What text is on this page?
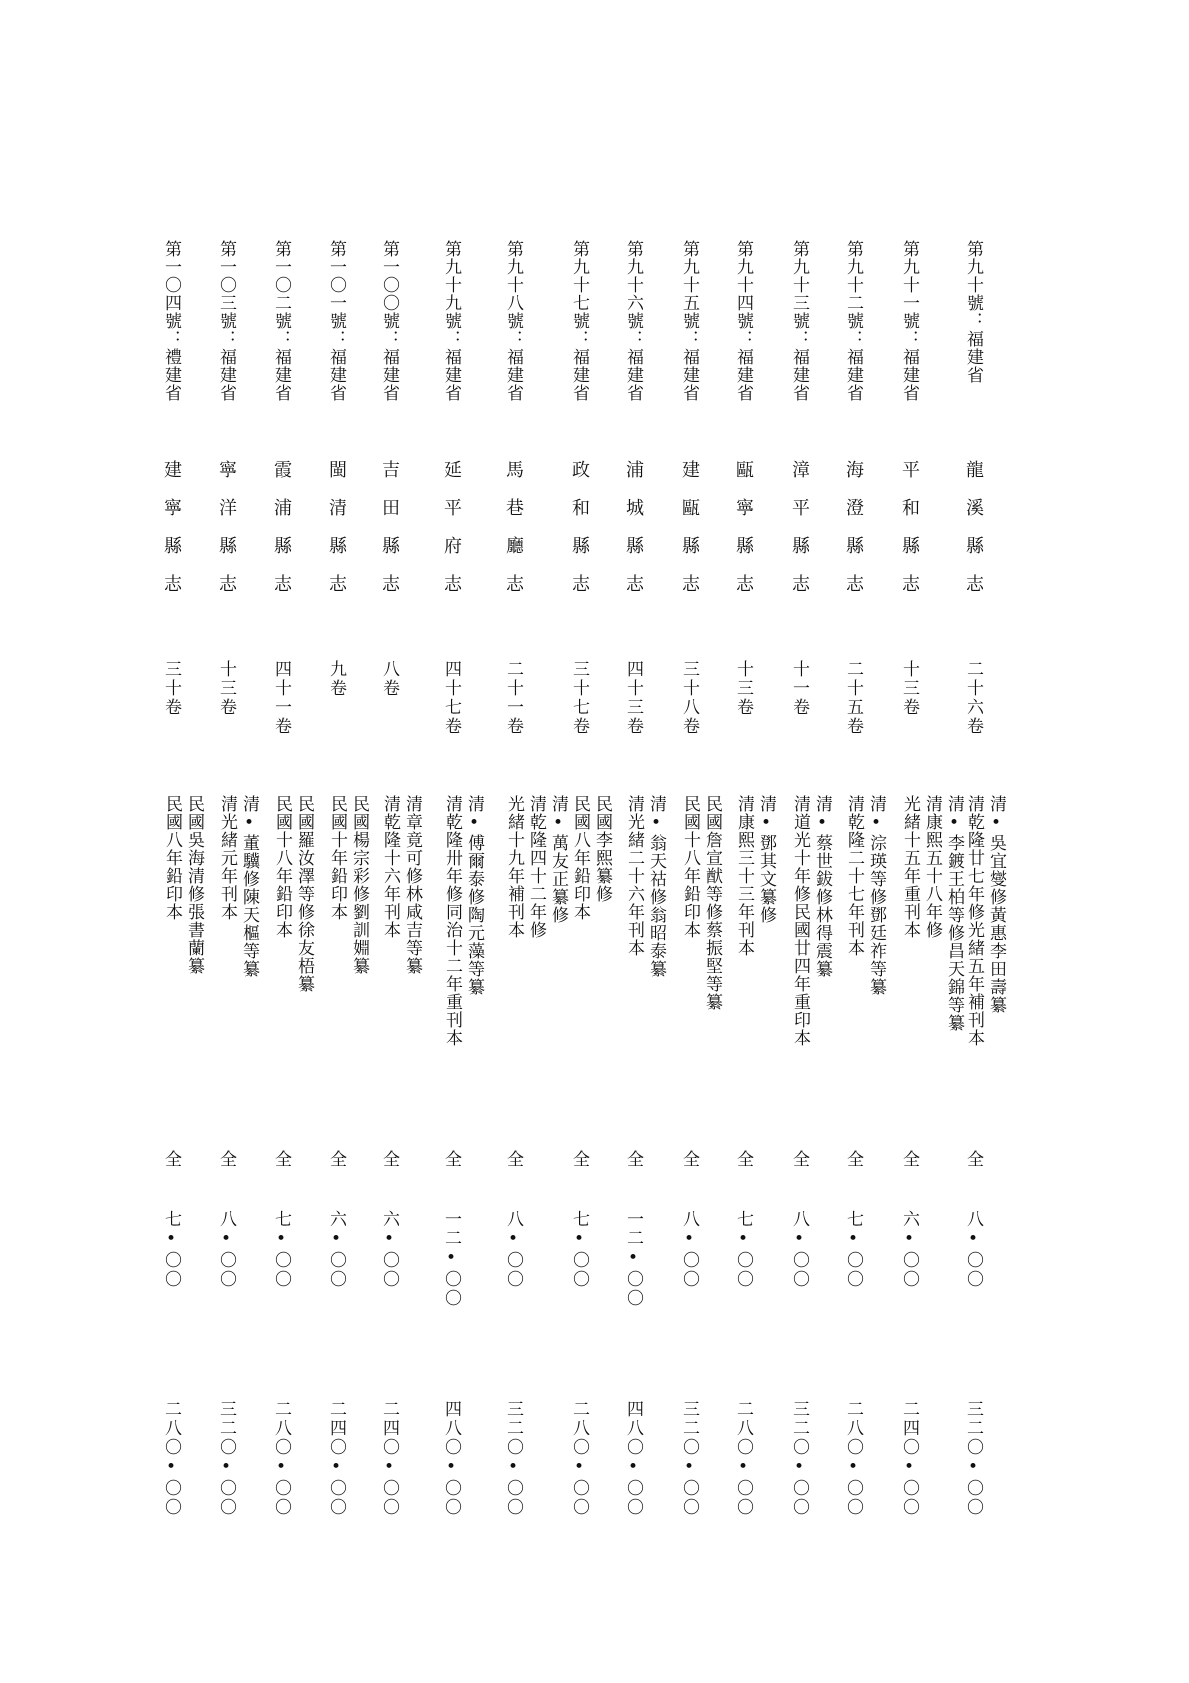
第九十號：福建省
龍溪縣志
二十六卷
清•吳宜燮修黃惠李田壽纂
清乾隆廿七年修光緒五年補刊本
全
八•〇〇
三二〇•〇〇
第九十一號：福建省
平和縣志
十三卷
清•李鍍王柏等修昌天錦等纂
清康熙五十八年修
光緒十五年重刊本
全
六•〇〇
二四〇•〇〇
第九十二號：福建省
海澄縣志
二十五卷
清•淙瑛等修鄧廷祚等纂
清乾隆二十七年刊本
全
七•〇〇
二八〇•〇〇
第九十三號：福建省
漳平縣志
十一卷
清•蔡世鈸修林得震纂
清道光十年修民國廿四年重印本
全
八•〇〇
三二〇•〇〇
第九十四號：福建省
甌寧縣志
十三卷
清•鄧其文纂修
清康熙三十三年刊本
全
七•〇〇
二八〇•〇〇
第九十五號：福建省
建甌縣志
三十八卷
民國詹宣猷等修蔡振堅等纂
民國十八年鉛印本
全
八•〇〇
三二〇•〇〇
第九十六號：福建省
浦城縣志
四十三卷
清•翁天祜修翁昭泰纂
清光緒二十六年刊本
全
一二•〇〇
四八〇•〇〇
第九十七號：福建省
政和縣志
三十七卷
民國李熙纂修
民國八年鉛印本
全
七•〇〇
二八〇•〇〇
第九十八號：福建省
馬巷廳志
二十一卷
清•萬友正纂修
清乾隆四十二年修
光緒十九年補刊本
全
八•〇〇
三二〇•〇〇
第九十九號：福建省
延平府志
四十七卷
清•傅爾泰修陶元藻等纂
清乾隆卅年修同治十二年重刊本
全
一二•〇〇
四八〇•〇〇
第一〇〇號：福建省
吉田縣志
八卷
清章竟可修林咸吉等纂
清乾隆十六年刊本
全
六•〇〇
二四〇•〇〇
第一〇一號：福建省
閩清縣志
九卷
民國楊宗彩修劉訓婣纂
民國十年鉛印本
全
六•〇〇
二四〇•〇〇
第一〇二號：福建省
霞浦縣志
四十一卷
民國羅汝澤等修徐友梧纂
民國十八年鉛印本
全
七•〇〇
二八〇•〇〇
第一〇三號：福建省
寧洋縣志
十三卷
清•董驥修陳天樞等纂
清光緒元年刊本
全
八•〇〇
三二〇•〇〇
第一〇四號：禮建省
建寧縣志
三十卷
民國吳海清修張書蘭纂
民國八年鉛印本
全
七•〇〇
二八〇•〇〇
